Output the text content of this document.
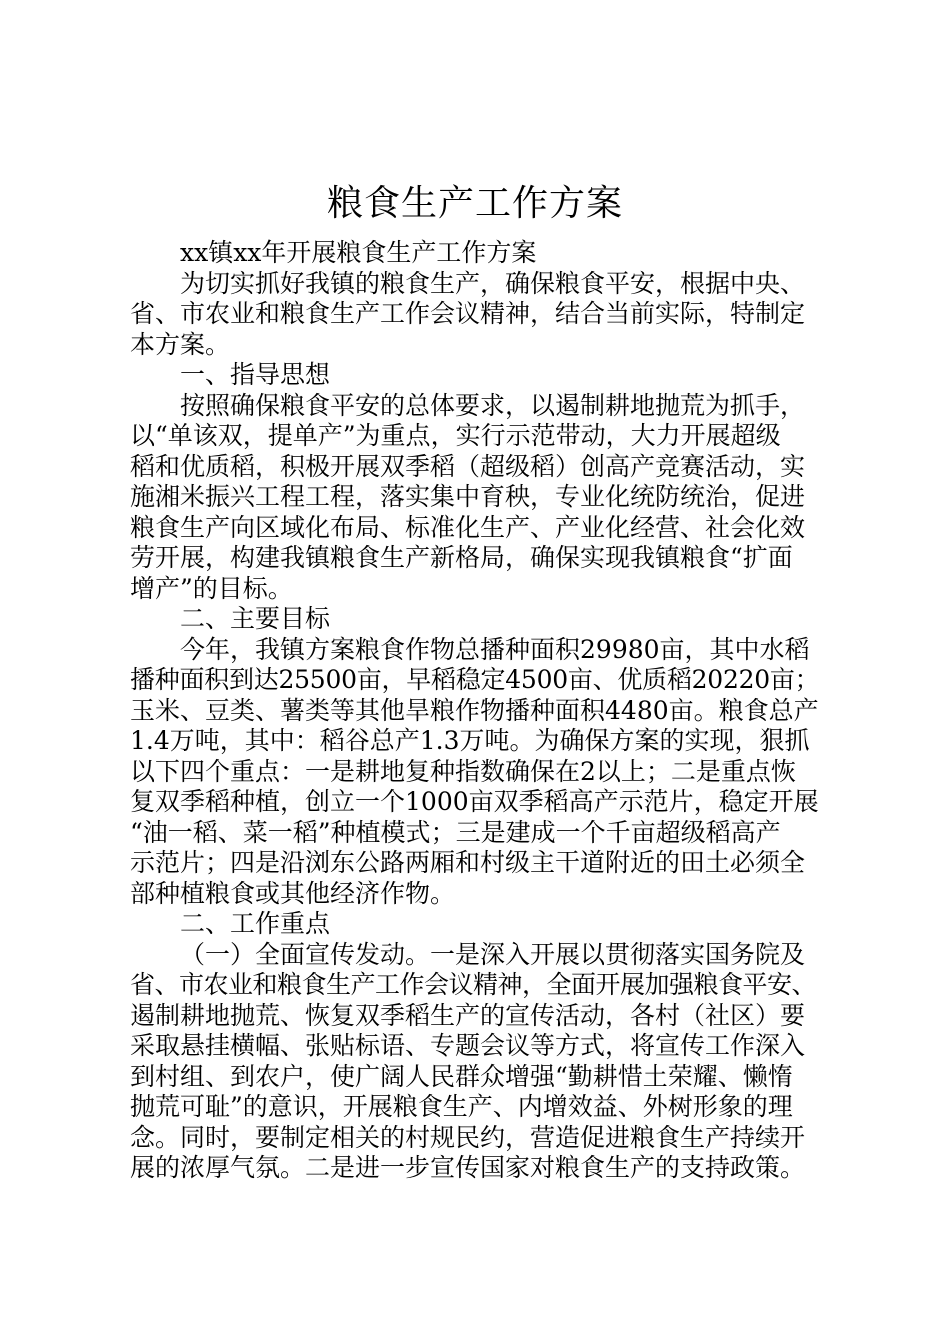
粮食生产工作方案
xx镇xx年开展粮食生产工作方案
为切实抓好我镇的粮食生产，确保粮食平安，根据中央、
省、市农业和粮食生产工作会议精神，结合当前实际，特制定
本方案。
一、指导思想
按照确保粮食平安的总体要求，以遏制耕地抛荒为抓手，
以“单该双，提单产”为重点，实行示范带动，大力开展超级
稻和优质稻，积极开展双季稻（超级稻）创高产竞赛活动，实
施湘米振兴工程工程，落实集中育秧，专业化统防统治，促进
粮食生产向区域化布局、标准化生产、产业化经营、社会化效
劳开展，构建我镇粮食生产新格局，确保实现我镇粮食“扩面
增产”的目标。
二、主要目标
今年，我镇方案粮食作物总播种面积29980亩，其中水稻
播种面积到达25500亩，早稻稳定4500亩、优质稻20220亩；
玉米、豆类、薯类等其他旱粮作物播种面积4480亩。粮食总产
1.4万吨，其中：稻谷总产1.3万吨。为确保方案的实现，狠抓
以下四个重点：一是耕地复种指数确保在2以上；二是重点恢
复双季稻种植，创立一个1000亩双季稻高产示范片，稳定开展
“油一稻、菜一稻”种植模式；三是建成一个千亩超级稻高产
示范片；四是沿浏东公路两厢和村级主干道附近的田土必须全
部种植粮食或其他经济作物。
二、工作重点
（一）全面宣传发动。一是深入开展以贯彻落实国务院及
省、市农业和粮食生产工作会议精神，全面开展加强粮食平安、
遏制耕地抛荒、恢复双季稻生产的宣传活动，各村（社区）要
采取悬挂横幅、张贴标语、专题会议等方式，将宣传工作深入
到村组、到农户，使广阔人民群众增强“勤耕惜土荣耀、懒惰
抛荒可耻”的意识，开展粮食生产、内增效益、外树形象的理
念。同时，要制定相关的村规民约，营造促进粮食生产持续开
展的浓厚气氛。二是进一步宣传国家对粮食生产的支持政策。
